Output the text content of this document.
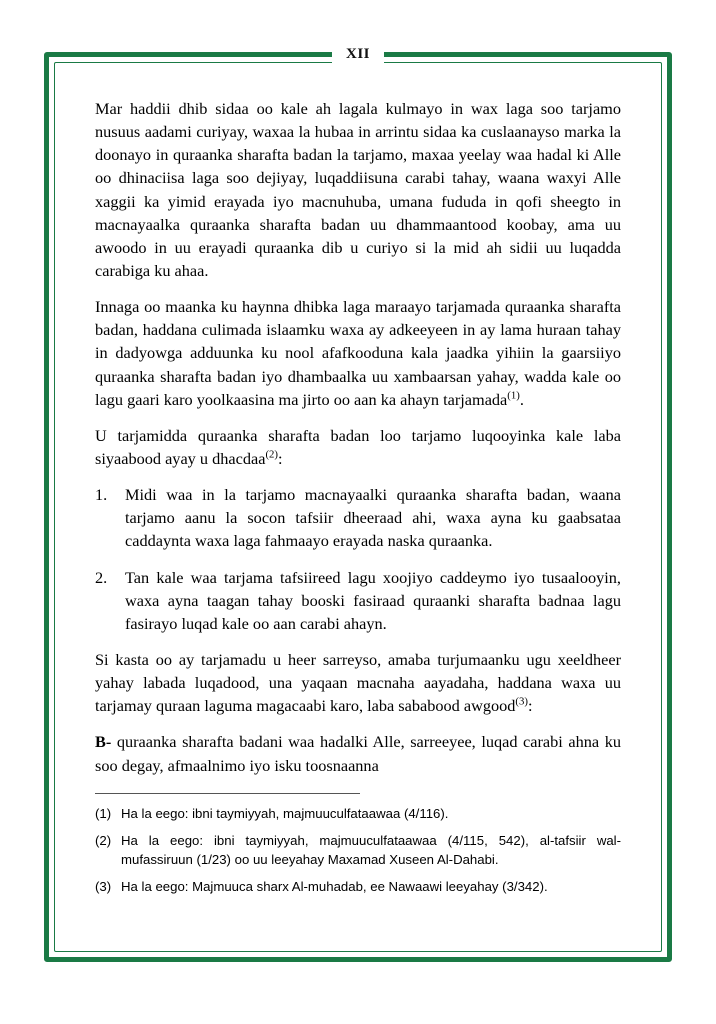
XII

Mar haddii dhib sidaa oo kale ah lagala kulmayo in wax laga soo tarjamo nusuus aadami curiyay, waxaa la hubaa in arrintu sidaa ka cuslaanayso marka la doonayo in quraanka sharafta badan la tarjamo, maxaa yeelay waa hadal ki Alle oo dhinaciisa laga soo dejiyay, luqaddiisuna carabi tahay, waana waxyi Alle xaggii ka yimid erayada iyo macnuhuba, umana fududa in qofi sheegto in macnayaalka quraanka sharafta badan uu dhammaantood koobay, ama uu awoodo in uu erayadi quraanka dib u curiyo si la mid ah sidii uu luqadda carabiga ku ahaa.

Innaga oo maanka ku haynna dhibka laga maraayo tarjamada quraanka sharafta badan, haddana culimada islaamku waxa ay adkeeyeen in ay lama huraan tahay in dadyowga adduunka ku nool afafkooduna kala jaadka yihiin la gaarsiiyo quraanka sharafta badan iyo dhambaalka uu xambaarsan yahay, wadda kale oo lagu gaari karo yoolkaasina ma jirto oo aan ka ahayn tarjamada$^{(1)}$.

U tarjamidda quraanka sharafta badan loo tarjamo luqooyinka kale laba siyaabood ayay u dhacdaa$^{(2)}$:

1. Midi waa in la tarjamo macnayaalki quraanka sharafta badan, waana tarjamo aanu la socon tafsiir dheeraad ahi, waxa ayna ku gaabsataa caddaynta waxa laga fahmaayo erayada naska quraanka.
2. Tan kale waa tarjama tafsiireed lagu xoojiyo caddeymo iyo tusaalooyin, waxa ayna taagan tahay booski fasiraad quraanki sharafta badnaa lagu fasirayo luqad kale oo aan carabi ahayn.

Si kasta oo ay tarjamadu u heer sarreyso, amaba turjumaanku ugu xeeldheer yahay labada luqadood, una yaqaan macnaha aayadaha, haddana waxa uu tarjamay quraan laguma magacaabi karo, laba sababood awgood$^{(3)}$:

B- quraanka sharafta badani waa hadalki Alle, sarreeyee, luqad carabi ahna ku soo degay, afmaalnimo iyo isku toosnaanna

(1) Ha la eego: ibni taymiyyah, majmuuculfataawaa (4/116).
(2) Ha la eego: ibni taymiyyah, majmuuculfataawaa (4/115, 542), al-tafsiir wal-mufassiruun (1/23) oo uu leeyahay Maxamad Xuseen Al-Dahabi.
(3) Ha la eego: Majmuuca sharx Al-muhadab, ee Nawaawi leeyahay (3/342).
